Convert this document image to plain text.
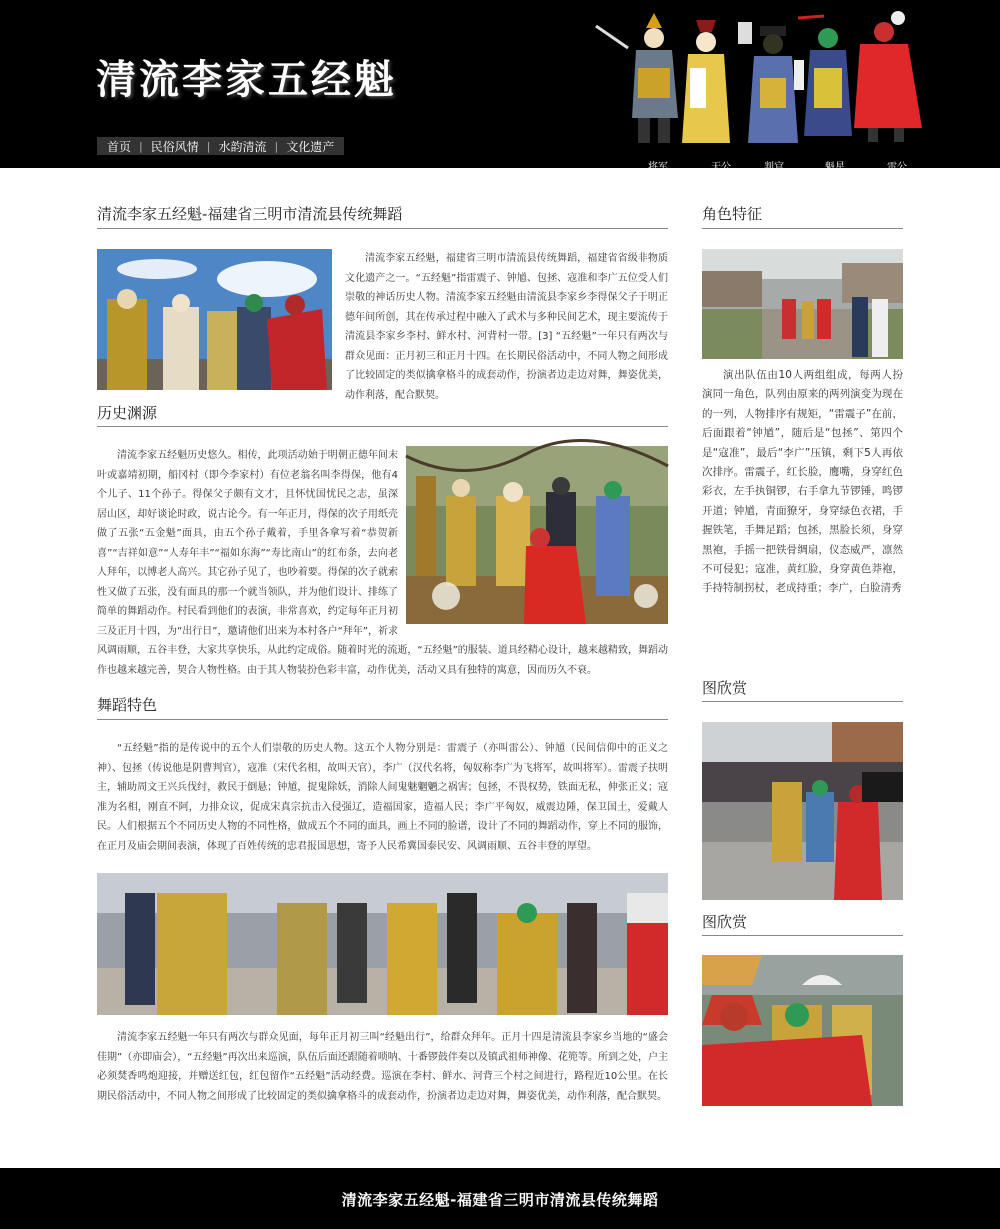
清流李家五经魁
首页 | 民俗风情 | 水韵清流 | 文化遗产
将军	天公	判官	魁星	雷公
清流李家五经魁-福建省三明市清流县传统舞蹈

清流李家五经魁，福建省三明市清流县传统舞蹈，福建省省级非物质文化遗产之一。“五经魁”指雷震子、钟馗、包拯、寇准和李广五位受人们崇敬的神话历史人物。清流李家五经魁由清流县李家乡李得保父子于明正德年间所创，其在传承过程中融入了武术与多种民间艺术，现主要流传于清流县李家乡李村、鲜水村、河背村一带。[3] “五经魁”一年只有两次与群众见面：正月初三和正月十四。在长期民俗活动中，不同人物之间形成了比较固定的类似擒拿格斗的成套动作，扮演者边走边对舞，舞姿优美，动作利落，配合默契。

历史渊源

清流李家五经魁历史悠久。相传，此项活动始于明朝正德年间末叶或嘉靖初期，船冈村（即今李家村）有位老翁名叫李得保，他有4个儿子、11个孙子。得保父子颇有文才，且怀忧国忧民之志，虽深居山区，却好谈论时政，说古论今。有一年正月，得保的次子用纸壳做了五张“五金魁”面具，由五个孙子戴着，手里各拿写着“恭贺新喜”“吉祥如意”“人寿年丰”“福如东海”“寿比南山”的红布条，去向老人拜年，以博老人高兴。其它孙子见了，也吵着要。得保的次子就索性又做了五张，没有面具的那一个就当领队，并为他们设计、排练了简单的舞蹈动作。村民看到他们的表演，非常喜欢，约定每年正月初三及正月十四，为“出行日”，邀请他们出来为本村各户“拜年”，祈求风调雨顺，五谷丰登，大家共享快乐，从此约定成俗。随着时光的流逝，“五经魁”的服装、道具经精心设计，越来越精致，舞蹈动作也越来越完善，契合人物性格。由于其人物装扮色彩丰富，动作优美，活动又具有独特的寓意，因而历久不衰。

舞蹈特色

“五经魁”指的是传说中的五个人们崇敬的历史人物。这五个人物分别是：雷震子（亦叫雷公）、钟馗（民间信仰中的正义之神）、包拯（传说他是阴曹判官），寇准（宋代名相，故叫天官），李广（汉代名将，匈奴称李广为飞将军，故叫将军）。雷震子扶明主，辅助周文王兴兵伐纣，救民于倒悬；钟馗，捉鬼除妖，消除人间鬼魅魍魉之祸害；包拯，不畏权势，铁面无私，伸张正义；寇准为名相，刚直不阿，力排众议，促成宋真宗抗击入侵强辽，造福国家，造福人民；李广平匈奴，威震边陲，保卫国土，爱戴人民。人们根据五个不同历史人物的不同性格，做成五个不同的面具，画上不同的脸谱，设计了不同的舞蹈动作，穿上不同的服饰，在正月及庙会期间表演，体现了百姓传统的忠君报国思想，寄予人民希冀国泰民安、风调雨顺、五谷丰登的厚望。

清流李家五经魁一年只有两次与群众见面，每年正月初三叫“经魁出行”，给群众拜年。正月十四是清流县李家乡当地的“盛会佳期”（亦即庙会），“五经魁”再次出来巡演，队伍后面还跟随着唢呐、十番锣鼓伴奏以及镇武祖师神像、花篼等。所到之处，户主必须焚香鸣炮迎接，并赠送红包，红包留作“五经魁”活动经费。巡演在李村、鲜水、河背三个村之间进行，路程近10公里。在长期民俗活动中，不同人物之间形成了比较固定的类似擒拿格斗的成套动作，扮演者边走边对舞，舞姿优美，动作利落，配合默契。

角色特征

演出队伍由10人两组组成，每两人扮演同一角色，队列由原来的两列演变为现在的一列，人物排序有规矩，“雷震子”在前，后面跟着“钟馗”，随后是“包拯”、第四个是“寇准”，最后“李广”压镇，剩下5人再依次排序。雷震子，红长脸，鹰嘴，身穿红色彩衣，左手执铜锣，右手拿九节锣锤，鸣锣开道；钟馗，青面獠牙，身穿绿色衣裙，手握铁笔，手舞足蹈；包拯，黑脸长须，身穿黑袍，手摇一把铁骨绸扇，仪态威严，凛然不可侵犯；寇准，黄红脸，身穿黄色莽袍，手持特制拐杖，老成持重；李广，白脸清秀

图欣赏
图欣赏
清流李家五经魁-福建省三明市清流县传统舞蹈
